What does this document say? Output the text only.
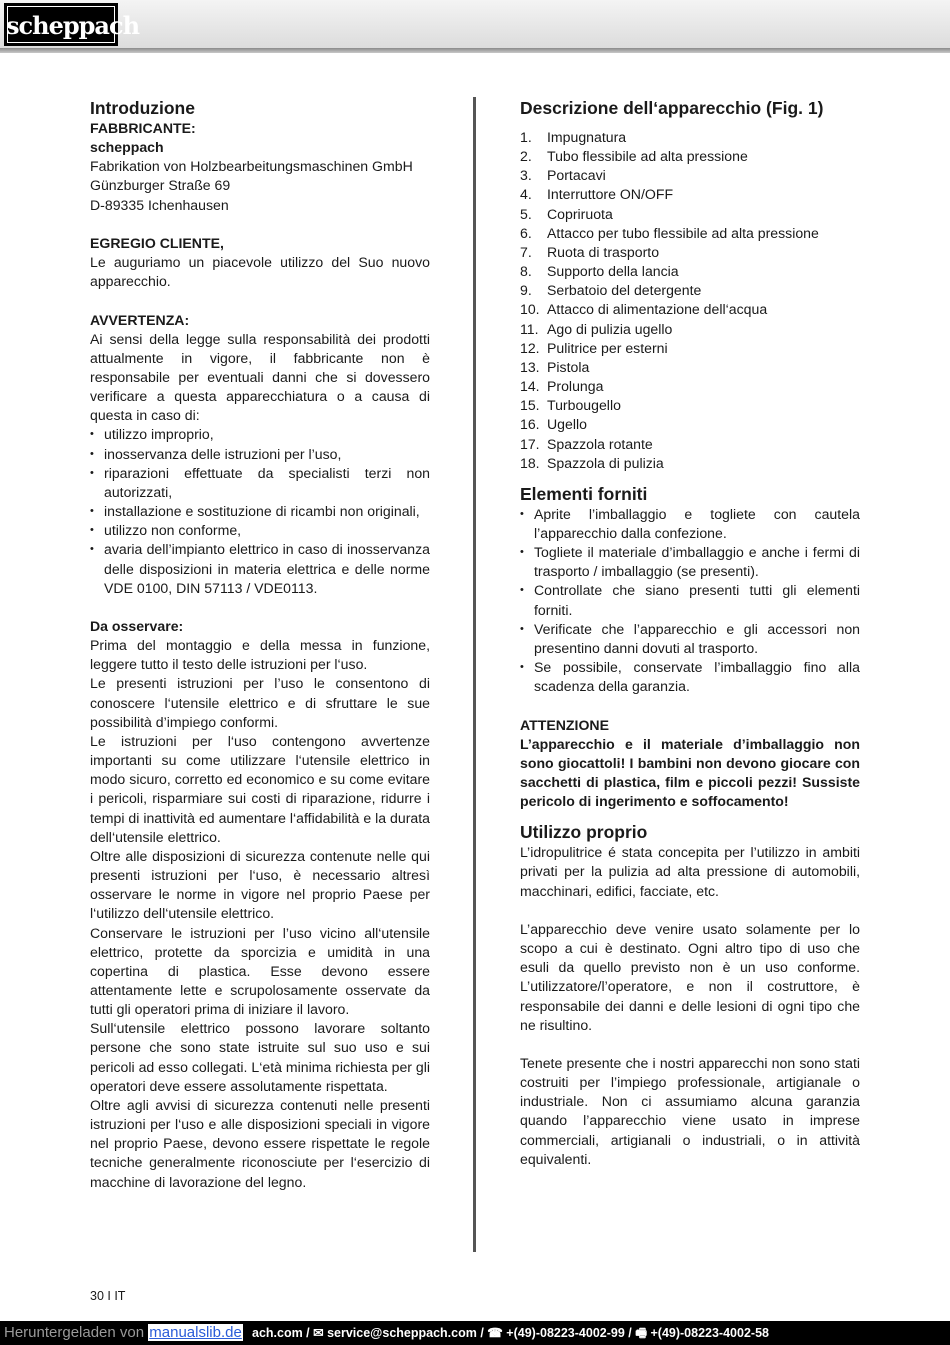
scheppach
Introduzione
FABBRICANTE:
scheppach
Fabrikation von Holzbearbeitungsmaschinen GmbH
Günzburger Straße 69
D-89335 Ichenhausen
EGREGIO CLIENTE,

Le auguriamo un piacevole utilizzo del Suo nuovo apparecchio.

AVVERTENZA:

Ai sensi della legge sulla responsabilità dei prodotti attualmente in vigore, il fabbricante non è responsabile per eventuali danni che si dovessero verificare a questa apparecchiatura o a causa di questa in caso di:

• utilizzo improprio,
• inosservanza delle istruzioni per l’uso,
• riparazioni effettuate da specialisti terzi non autorizzati,
• installazione e sostituzione di ricambi non originali,
• utilizzo non conforme,
• avaria dell’impianto elettrico in caso di inosservanza delle disposizioni in materia elettrica e delle norme VDE 0100, DIN 57113 / VDE0113.
Da osservare:

Prima del montaggio e della messa in funzione, leggere tutto il testo delle istruzioni per l‘uso.

Le presenti istruzioni per l’uso le consentono di conoscere l‘utensile elettrico e di sfruttare le sue possibilità d’impiego conformi.

Le istruzioni per l‘uso contengono avvertenze importanti su come utilizzare l‘utensile elettrico in modo sicuro, corretto ed economico e su come evitare i pericoli, risparmiare sui costi di riparazione, ridurre i tempi di inattività ed aumentare l‘affidabilità e la durata dell‘utensile elettrico.

Oltre alle disposizioni di sicurezza contenute nelle qui presenti istruzioni per l‘uso, è necessario altresì osservare le norme in vigore nel proprio Paese per l‘utilizzo dell‘utensile elettrico.

Conservare le istruzioni per l’uso vicino all‘utensile elettrico, protette da sporcizia e umidità in una copertina di plastica. Esse devono essere attentamente lette e scrupolosamente osservate da tutti gli operatori prima di iniziare il lavoro.

Sull‘utensile elettrico possono lavorare soltanto persone che sono state istruite sul suo uso e sui pericoli ad esso collegati. L‘età minima richiesta per gli operatori deve essere assolutamente rispettata.

Oltre agli avvisi di sicurezza contenuti nelle presenti istruzioni per l‘uso e alle disposizioni speciali in vigore nel proprio Paese, devono essere rispettate le regole tecniche generalmente riconosciute per l‘esercizio di macchine di lavorazione del legno.

Descrizione dell‘apparecchio (Fig. 1)
1.	Impugnatura
2.	Tubo flessibile ad alta pressione
3.	Portacavi
4.	Interruttore ON/OFF
5.	Copriruota
6.	Attacco per tubo flessibile ad alta pressione
7.	Ruota di trasporto
8.	Supporto della lancia
9.	Serbatoio del detergente
10. Attacco di alimentazione dell‘acqua
11. Ago di pulizia ugello
12. Pulitrice per esterni
13. Pistola
14. Prolunga
15. Turbougello
16. Ugello
17. Spazzola rotante
18. Spazzola di pulizia
Elementi forniti
• Aprite l’imballaggio e togliete con cautela l’apparecchio dalla confezione.
• Togliete il materiale d’imballaggio e anche i fermi di trasporto / imballaggio (se presenti).
• Controllate che siano presenti tutti gli elementi forniti.
• Verificate che l’apparecchio e gli accessori non presentino danni dovuti al trasporto.
• Se possibile, conservate l’imballaggio fino alla scadenza della garanzia.
ATTENZIONE

L’apparecchio e il materiale d’imballaggio non sono giocattoli! I bambini non devono giocare con sacchetti di plastica, film e piccoli pezzi! Sussiste pericolo di ingerimento e soffocamento!

Utilizzo proprio

L’idropulitrice é stata concepita per l’utilizzo in ambiti privati per la pulizia ad alta pressione di automobili, macchinari, edifici, facciate, etc.

L’apparecchio deve venire usato solamente per lo scopo a cui è destinato. Ogni altro tipo di uso che esuli da quello previsto non è un uso conforme. L’utilizzatore/l’operatore, e non il costruttore, è responsabile dei danni e delle lesioni di ogni tipo che ne risultino.

Tenete presente che i nostri apparecchi non sono stati costruiti per l’impiego professionale, artigianale o industriale. Non ci assumiamo alcuna garanzia quando l’apparecchio viene usato in imprese commerciali, artigianali o industriali, o in attività equivalenti.

30 I IT
Heruntergeladen von manualslib.de ach.com / ✉ service@scheppach.com / ☎ +(49)-08223-4002-99 / 🖷 +(49)-08223-4002-58
